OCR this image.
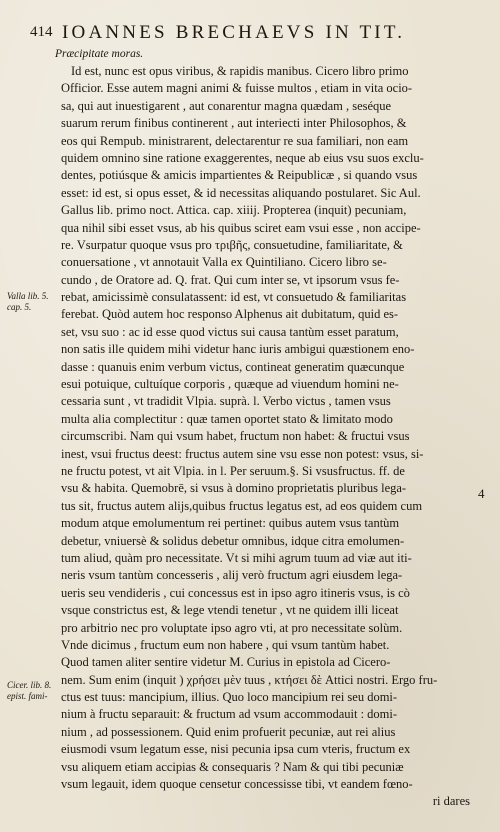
414 IOANNES BRECHAEVS IN TIT.
Præcipitate moras.
Id est, nunc est opus viribus, & rapidis manibus. Cicero libro primo
Officior. Esse autem magni animi & fuisse multos , etiam in vita ocio-
sa, qui aut inuestigarent , aut conarentur magna quædam , seséque
suarum rerum finibus continerent , aut interiecti inter Philosophos, &
eos qui Rempub. ministrarent, delectarentur re sua familiari, non eam
quidem omnino sine ratione exaggerentes, neque ab eius vsu suos exclu-
dentes, potiúsque & amicis impartientes & Reipublicæ , si quando vsus
esset: id est, si opus esset, & id necessitas aliquando postularet. Sic Aul.
Gallus lib. primo noct. Attica. cap. xiiij. Propterea (inquit) pecuniam,
qua nihil sibi esset vsus, ab his quibus sciret eam vsui esse , non accipe-
re. Vsurpatur quoque vsus pro τριβῆς, consuetudine, familiaritate, &
conuersatione , vt annotauit Valla ex Quintiliano. Cicero libro se-
cundo , de Oratore ad. Q. frat. Qui cum inter se, vt ipsorum vsus fe-
rebat, amicissimè consulatassent: id est, vt consuetudo & familiaritas
ferebat. Quòd autem hoc responso Alphenus ait dubitatum, quid es-
set, vsu suo : ac id esse quod victus sui causa tantùm esset paratum,
non satis ille quidem mihi videtur hanc iuris ambigui quæstionem eno-
dasse : quanuis enim verbum victus, contineat generatim quæcunque
esui potuique, cultuíque corporis , quæque ad viuendum homini ne-
cessaria sunt , vt tradidit Vlpia. suprà. l. Verbo victus , tamen vsus
multa alia complectitur : quæ tamen oportet stato & limitato modo
circumscribi. Nam qui vsum habet, fructum non habet: & fructui vsus
inest, vsui fructus deest: fructus autem sine vsu esse non potest: vsus, si-
ne fructu potest, vt ait Vlpia. in l. Per seruum.§. Si vsusfructus. ff. de
vsu & habita. Quemobrē, si vsus à domino proprietatis pluribus lega-
tus sit, fructus autem alijs,quibus fructus legatus est, ad eos quidem cum
modum atque emolumentum rei pertinet: quibus autem vsus tantùm
debetur, vniuersè & solidus debetur omnibus, idque citra emolumen-
tum aliud, quàm pro necessitate. Vt si mihi agrum tuum ad viæ aut iti-
neris vsum tantùm concesseris , alij verò fructum agri eiusdem lega-
ueris seu vendideris , cui concessus est in ipso agro itineris vsus, is cò
vsque constrictus est, & lege vtendi tenetur , vt ne quidem illi liceat
pro arbitrio nec pro voluptate ipso agro vti, at pro necessitate solùm.
Vnde dicimus , fructum eum non habere , qui vsum tantùm habet.
Quod tamen aliter sentire videtur M. Curius in epistola ad Cicero-
nem. Sum enim (inquit ) χρήσει μὲν tuus , κτήσει δὲ Attici nostri. Ergo fru-
ctus est tuus: mancipium, illius. Quo loco mancipium rei seu domi-
nium à fructu separauit: & fructum ad vsum accommodauit : domi-
nium , ad possessionem. Quid enim profuerit pecuniæ, aut rei alius
eiusmodi vsum legatum esse, nisi pecunia ipsa cum vteris, fructum ex
vsu aliquem etiam accipias & consequaris ? Nam & qui tibi pecuniæ
vsum legauit, idem quoque censetur concessisse tibi, vt eandem fœno-
ri dares
Valla lib. 5.
cap. 5.
4
Cicer. lib. 8.
epist. fami-
